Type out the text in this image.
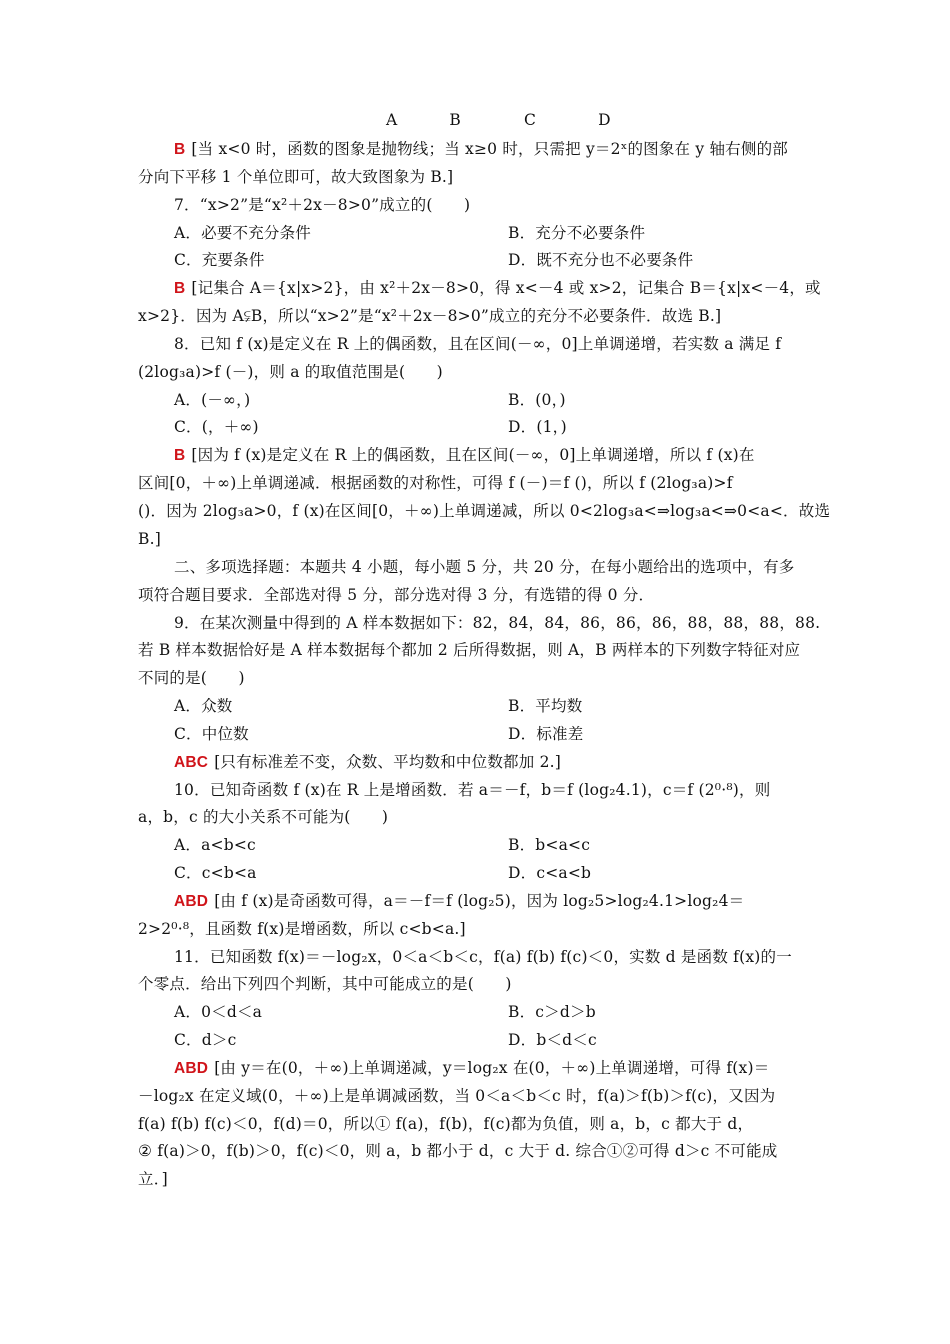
A	B	C	D
B [当 x<0 时，函数的图象是抛物线；当 x≥0 时，只需把 y＝2ˣ的图象在 y 轴右侧的部
分向下平移 1 个单位即可，故大致图象为 B.]
7．“x>2”是“x²＋2x－8>0”成立的(　　)
A．必要不充分条件	B．充分不必要条件
C．充要条件	D．既不充分也不必要条件
B [记集合 A＝{x|x>2}，由 x²＋2x－8>0，得 x<－4 或 x>2，记集合 B＝{x|x<－4，或
x>2}．因为 A⫋B，所以“x>2”是“x²＋2x－8>0”成立的充分不必要条件．故选 B.]
8．已知 f (x)是定义在 R 上的偶函数，且在区间(－∞，0]上单调递增，若实数 a 满足 f
(2log₃a)>f (－)，则 a 的取值范围是(　　)
A．(－∞，)	B．(0，)
C．(，＋∞)	D．(1，)
B [因为 f (x)是定义在 R 上的偶函数，且在区间(－∞，0]上单调递增，所以 f (x)在
区间[0，＋∞)上单调递减．根据函数的对称性，可得 f (－)＝f ()，所以 f (2log₃a)>f
()．因为 2log₃a>0，f (x)在区间[0，＋∞)上单调递减，所以 0<2log₃a<⇒log₃a<⇒0<a<．故选
B.]
二、多项选择题：本题共 4 小题，每小题 5 分，共 20 分，在每小题给出的选项中，有多
项符合题目要求．全部选对得 5 分，部分选对得 3 分，有选错的得 0 分．
9．在某次测量中得到的 A 样本数据如下：82，84，84，86，86，86，88，88，88，88.
若 B 样本数据恰好是 A 样本数据每个都加 2 后所得数据，则 A，B 两样本的下列数字特征对应
不同的是(　　)
A．众数	B．平均数
C．中位数	D．标准差
ABC [只有标准差不变，众数、平均数和中位数都加 2.]
10．已知奇函数 f (x)在 R 上是增函数．若 a＝－f，b＝f (log₂4.1)，c＝f (2⁰·⁸)，则
a，b，c 的大小关系不可能为(　　)
A．a<b<c	B．b<a<c
C．c<b<a	D．c<a<b
ABD [由 f (x)是奇函数可得，a＝－f＝f (log₂5)，因为 log₂5>log₂4.1>log₂4＝
2>2⁰·⁸，且函数 f(x)是增函数，所以 c<b<a.]
11．已知函数 f(x)＝－log₂x，0＜a＜b＜c，f(a) f(b) f(c)＜0，实数 d 是函数 f(x)的一
个零点．给出下列四个判断，其中可能成立的是(　　)
A．0＜d＜a	B．c＞d＞b
C．d＞c	D．b＜d＜c
ABD [由 y＝在(0，＋∞)上单调递减，y＝log₂x 在(0，＋∞)上单调递增，可得 f(x)＝
－log₂x 在定义域(0，＋∞)上是单调减函数，当 0＜a＜b＜c 时，f(a)＞f(b)＞f(c)，又因为
f(a) f(b) f(c)＜0，f(d)＝0，所以① f(a)，f(b)，f(c)都为负值，则 a，b，c 都大于 d，
② f(a)＞0，f(b)＞0，f(c)＜0，则 a，b 都小于 d，c 大于 d. 综合①②可得 d＞c 不可能成
立．]
